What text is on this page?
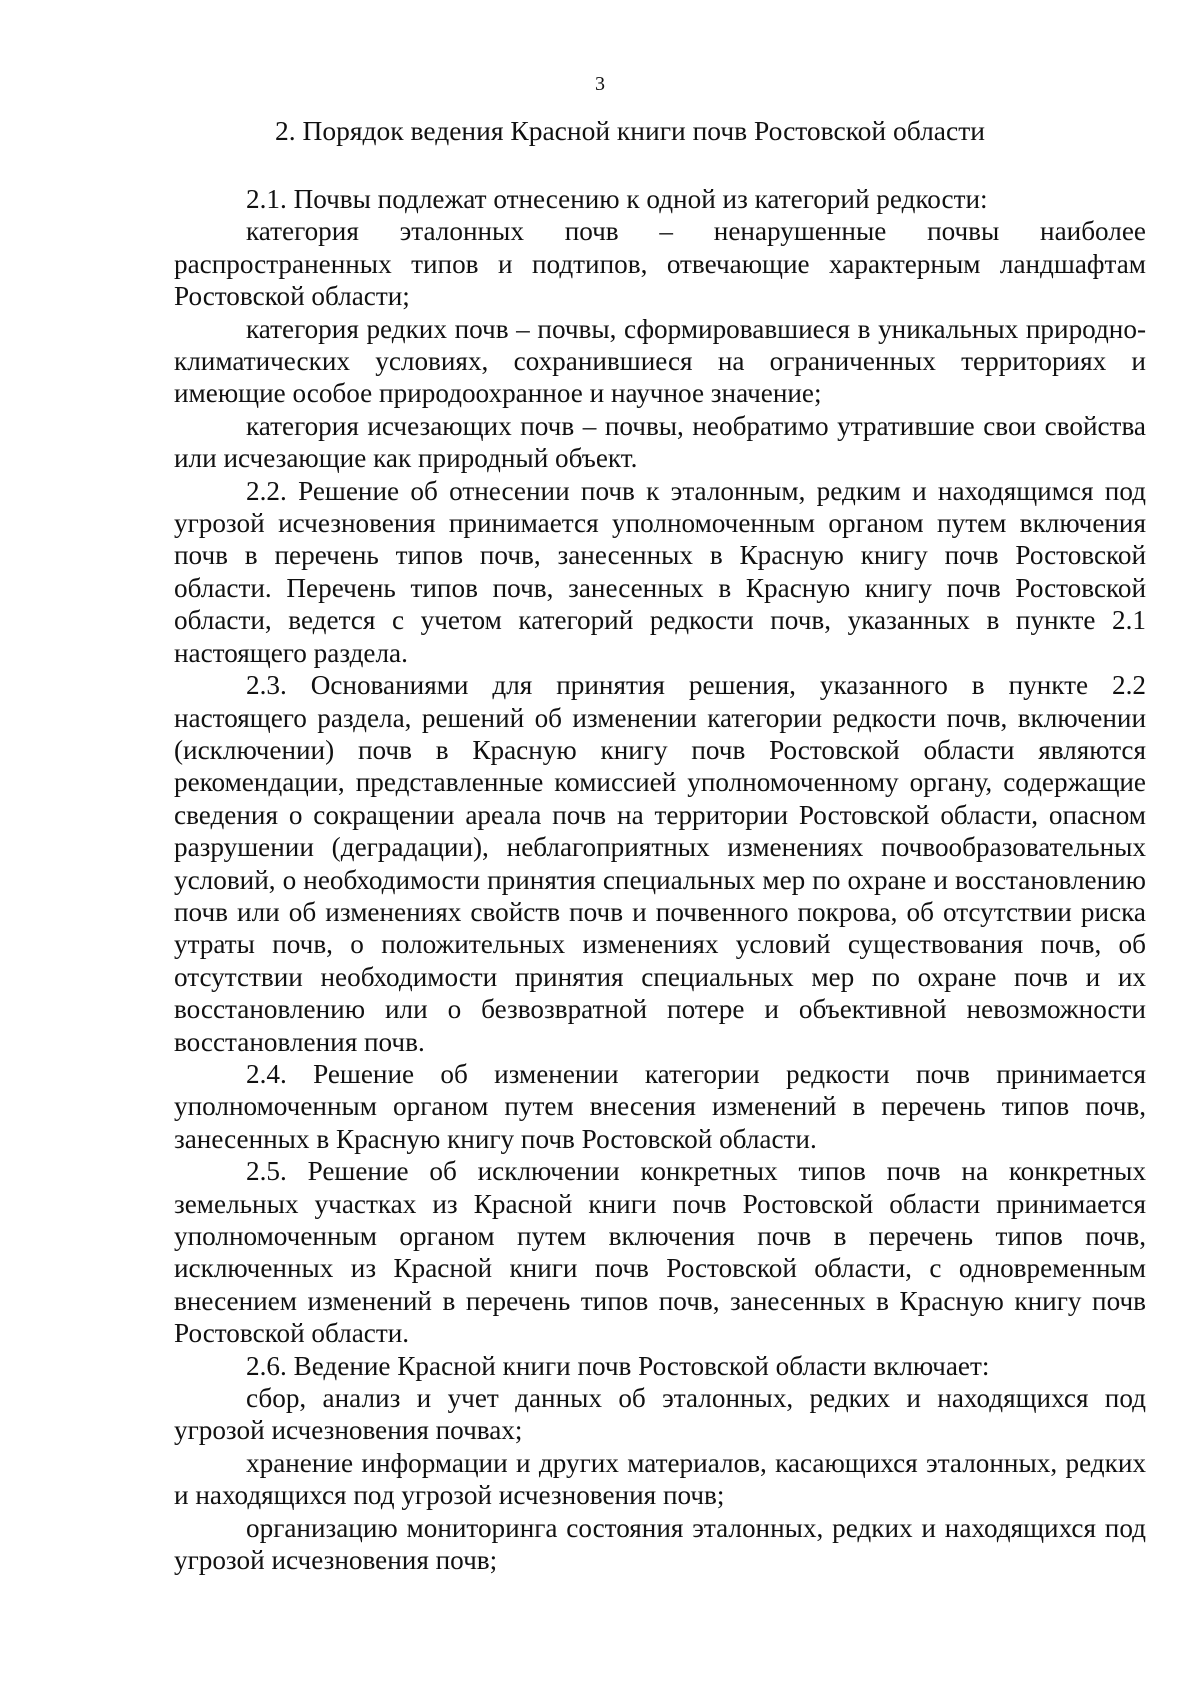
3
2. Порядок ведения Красной книги почв Ростовской области

2.1. Почвы подлежат отнесению к одной из категорий редкости:

категория эталонных почв – ненарушенные почвы наиболее распространенных типов и подтипов, отвечающие характерным ландшафтам Ростовской области;

категория редких почв – почвы, сформировавшиеся в уникальных природно-климатических условиях, сохранившиеся на ограниченных территориях и имеющие особое природоохранное и научное значение;

категория исчезающих почв – почвы, необратимо утратившие свои свойства или исчезающие как природный объект.

2.2. Решение об отнесении почв к эталонным, редким и находящимся под угрозой исчезновения принимается уполномоченным органом путем включения почв в перечень типов почв, занесенных в Красную книгу почв Ростовской области. Перечень типов почв, занесенных в Красную книгу почв Ростовской области, ведется с учетом категорий редкости почв, указанных в пункте 2.1 настоящего раздела.

2.3. Основаниями для принятия решения, указанного в пункте 2.2 настоящего раздела, решений об изменении категории редкости почв, включении (исключении) почв в Красную книгу почв Ростовской области являются рекомендации, представленные комиссией уполномоченному органу, содержащие сведения о сокращении ареала почв на территории Ростовской области, опасном разрушении (деградации), неблагоприятных изменениях почвообразовательных условий, о необходимости принятия специальных мер по охране и восстановлению почв или об изменениях свойств почв и почвенного покрова, об отсутствии риска утраты почв, о положительных изменениях условий существования почв, об отсутствии необходимости принятия специальных мер по охране почв и их восстановлению или о безвозвратной потере и объективной невозможности восстановления почв.

2.4. Решение об изменении категории редкости почв принимается уполномоченным органом путем внесения изменений в перечень типов почв, занесенных в Красную книгу почв Ростовской области.

2.5. Решение об исключении конкретных типов почв на конкретных земельных участках из Красной книги почв Ростовской области принимается уполномоченным органом путем включения почв в перечень типов почв, исключенных из Красной книги почв Ростовской области, с одновременным внесением изменений в перечень типов почв, занесенных в Красную книгу почв Ростовской области.

2.6. Ведение Красной книги почв Ростовской области включает:

сбор, анализ и учет данных об эталонных, редких и находящихся под угрозой исчезновения почвах;

хранение информации и других материалов, касающихся эталонных, редких и находящихся под угрозой исчезновения почв;

организацию мониторинга состояния эталонных, редких и находящихся под угрозой исчезновения почв;
